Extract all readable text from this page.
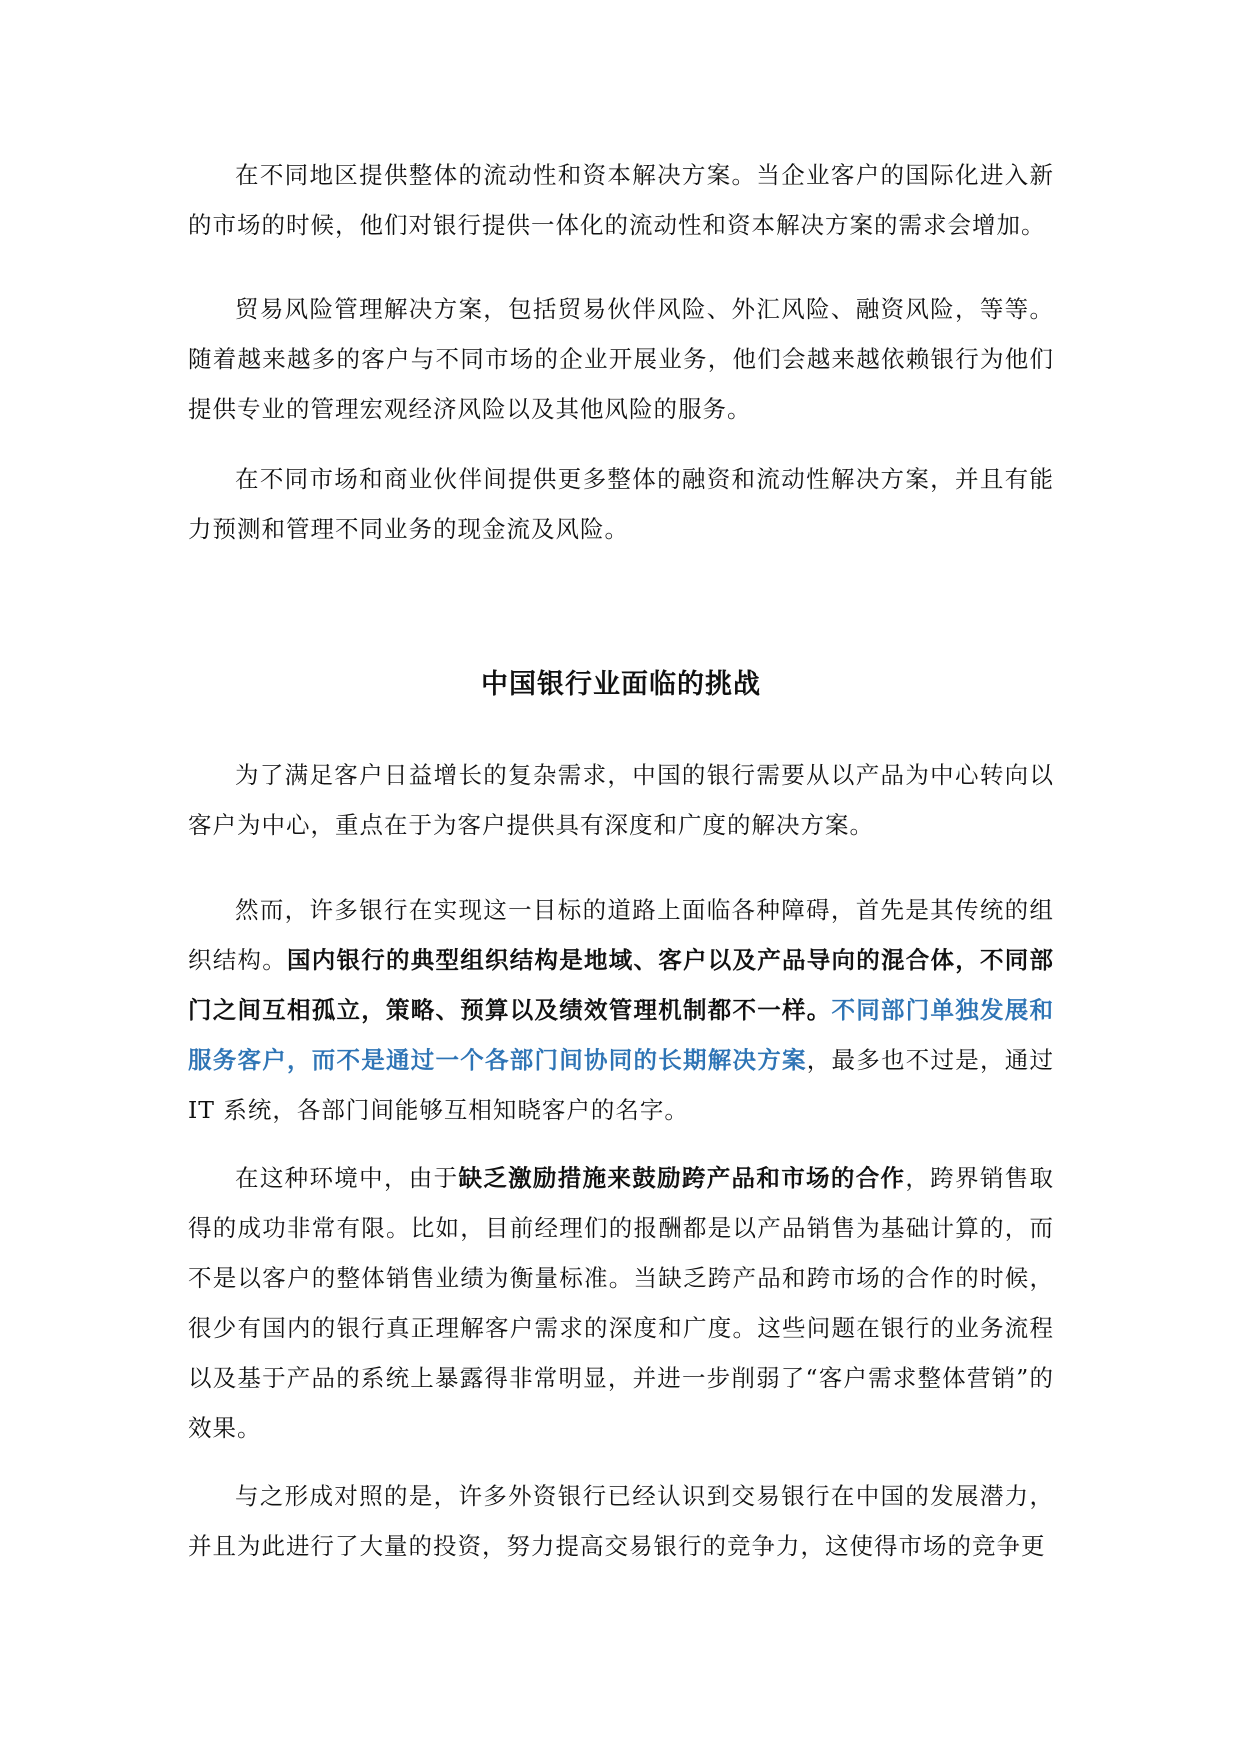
在不同地区提供整体的流动性和资本解决方案。当企业客户的国际化进入新的市场的时候，他们对银行提供一体化的流动性和资本解决方案的需求会增加。

贸易风险管理解决方案，包括贸易伙伴风险、外汇风险、融资风险，等等。随着越来越多的客户与不同市场的企业开展业务，他们会越来越依赖银行为他们提供专业的管理宏观经济风险以及其他风险的服务。

在不同市场和商业伙伴间提供更多整体的融资和流动性解决方案，并且有能力预测和管理不同业务的现金流及风险。

中国银行业面临的挑战

为了满足客户日益增长的复杂需求，中国的银行需要从以产品为中心转向以客户为中心，重点在于为客户提供具有深度和广度的解决方案。

然而，许多银行在实现这一目标的道路上面临各种障碍，首先是其传统的组织结构。国内银行的典型组织结构是地域、客户以及产品导向的混合体，不同部门之间互相孤立，策略、预算以及绩效管理机制都不一样。不同部门单独发展和服务客户，而不是通过一个各部门间协同的长期解决方案，最多也不过是，通过 IT 系统，各部门间能够互相知晓客户的名字。

在这种环境中，由于缺乏激励措施来鼓励跨产品和市场的合作，跨界销售取得的成功非常有限。比如，目前经理们的报酬都是以产品销售为基础计算的，而不是以客户的整体销售业绩为衡量标准。当缺乏跨产品和跨市场的合作的时候，很少有国内的银行真正理解客户需求的深度和广度。这些问题在银行的业务流程以及基于产品的系统上暴露得非常明显，并进一步削弱了“客户需求整体营销”的效果。

与之形成对照的是，许多外资银行已经认识到交易银行在中国的发展潜力，并且为此进行了大量的投资，努力提高交易银行的竞争力，这使得市场的竞争更
